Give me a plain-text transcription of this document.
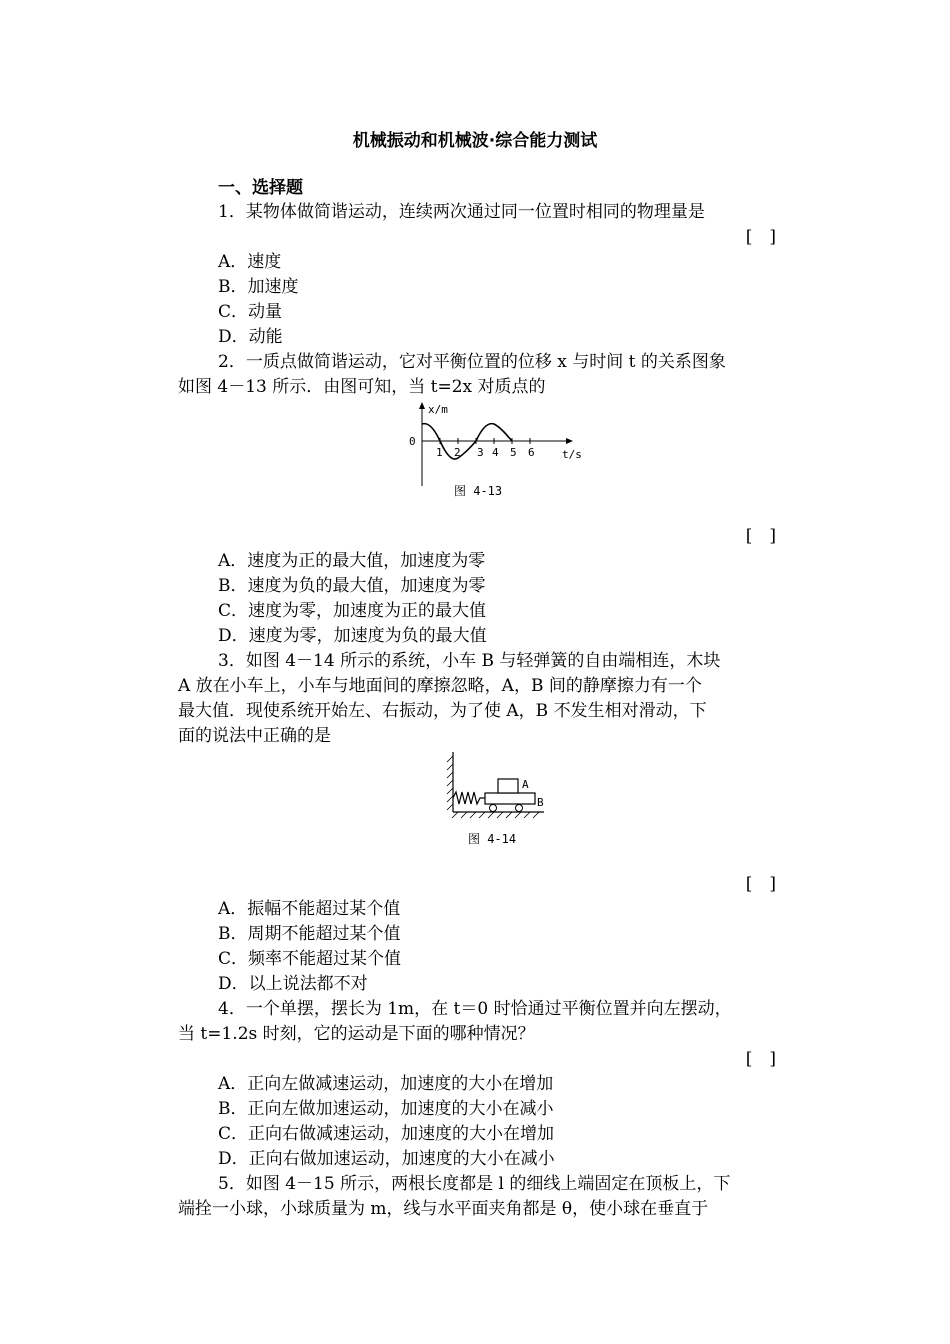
机械振动和机械波·综合能力测试
一、选择题
1．某物体做简谐运动，连续两次通过同一位置时相同的物理量是
[　]
A．速度
B．加速度
C．动量
D．动能
2．一质点做简谐运动，它对平衡位置的位移 x 与时间 t 的关系图象
如图 4－13 所示．由图可知，当 t=2x 对质点的
x/m
0
1 2 3 4 5 6 t/s
图 4-13
[　]
A．速度为正的最大值，加速度为零
B．速度为负的最大值，加速度为零
C．速度为零，加速度为正的最大值
D．速度为零，加速度为负的最大值
3．如图 4－14 所示的系统，小车 B 与轻弹簧的自由端相连，木块
A 放在小车上，小车与地面间的摩擦忽略，A，B 间的静摩擦力有一个
最大值．现使系统开始左、右振动，为了使 A，B 不发生相对滑动，下
面的说法中正确的是
A
B
图 4-14
[　]
A．振幅不能超过某个值
B．周期不能超过某个值
C．频率不能超过某个值
D．以上说法都不对
4．一个单摆，摆长为 1m，在 t＝0 时恰通过平衡位置并向左摆动，
当 t=1.2s 时刻，它的运动是下面的哪种情况？
[　]
A．正向左做减速运动，加速度的大小在增加
B．正向左做加速运动，加速度的大小在减小
C．正向右做减速运动，加速度的大小在增加
D．正向右做加速运动，加速度的大小在减小
5．如图 4－15 所示，两根长度都是 l 的细线上端固定在顶板上，下
端拴一小球，小球质量为 m，线与水平面夹角都是 θ，使小球在垂直于
